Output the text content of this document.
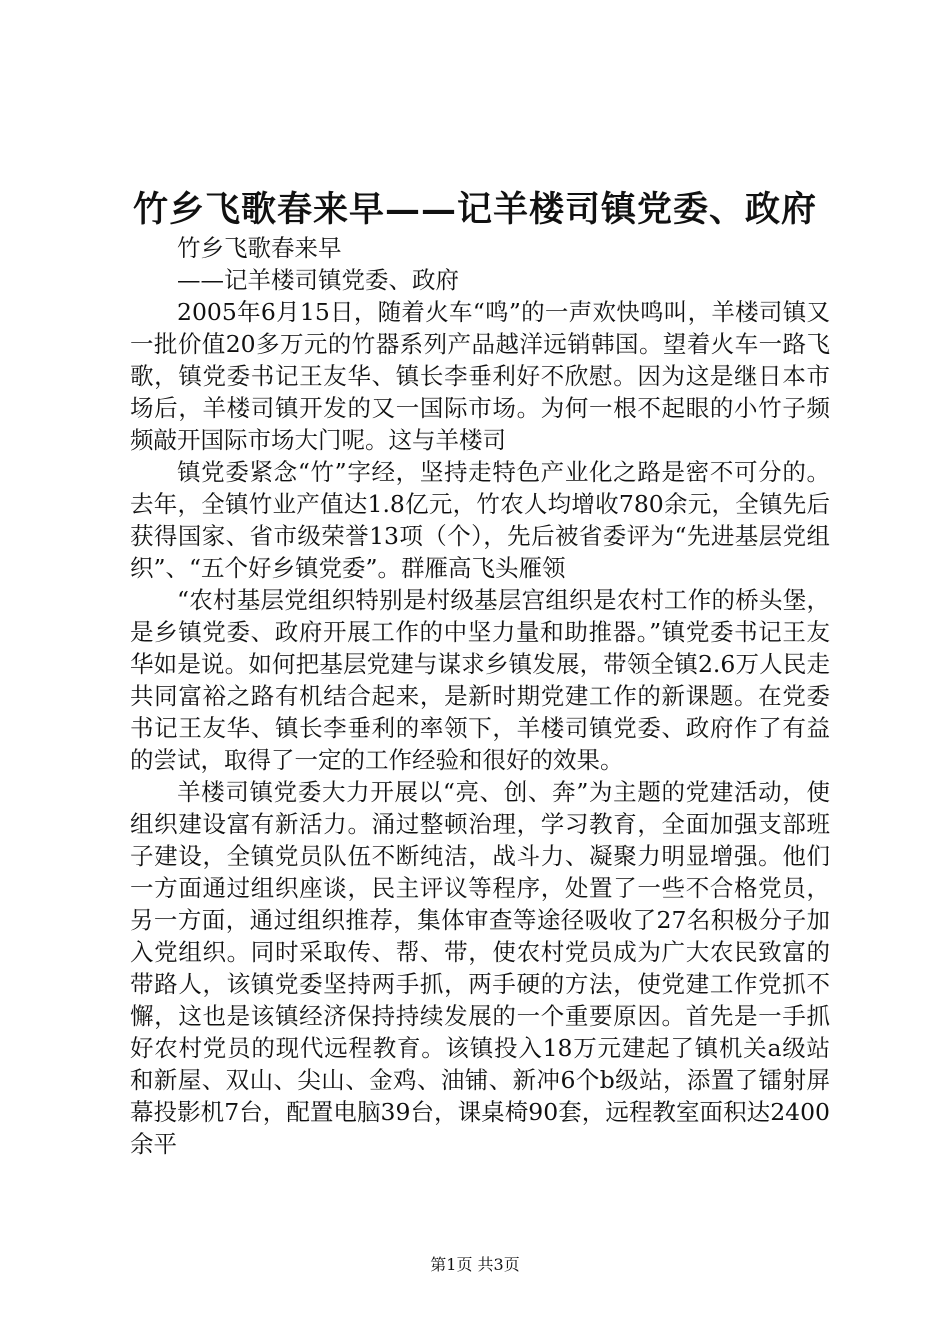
竹乡飞歌春来早——记羊楼司镇党委、政府

竹乡飞歌春来早

——记羊楼司镇党委、政府

2005年6月15日，随着火车“鸣”的一声欢快鸣叫，羊楼司镇又一批价值20多万元的竹器系列产品越洋远销韩国。望着火车一路飞歌，镇党委书记王友华、镇长李垂利好不欣慰。因为这是继日本市场后，羊楼司镇开发的又一国际市场。为何一根不起眼的小竹子频频敲开国际市场大门呢。这与羊楼司

镇党委紧念“竹”字经，坚持走特色产业化之路是密不可分的。去年，全镇竹业产值达1.8亿元，竹农人均增收780余元，全镇先后获得国家、省市级荣誉13项（个），先后被省委评为“先进基层党组织”、“五个好乡镇党委”。群雁高飞头雁领

“农村基层党组织特别是村级基层宫组织是农村工作的桥头堡，是乡镇党委、政府开展工作的中坚力量和助推器。”镇党委书记王友华如是说。如何把基层党建与谋求乡镇发展，带领全镇2.6万人民走共同富裕之路有机结合起来，是新时期党建工作的新课题。在党委书记王友华、镇长李垂利的率领下，羊楼司镇党委、政府作了有益的尝试，取得了一定的工作经验和很好的效果。

羊楼司镇党委大力开展以“亮、创、奔”为主题的党建活动，使组织建设富有新活力。涌过整顿治理，学习教育，全面加强支部班子建设，全镇党员队伍不断纯洁，战斗力、凝聚力明显增强。他们一方面通过组织座谈，民主评议等程序，处置了一些不合格党员，另一方面，通过组织推荐，集体审查等途径吸收了27名积极分子加入党组织。同时采取传、帮、带，使农村党员成为广大农民致富的带路人，该镇党委坚持两手抓，两手硬的方法，使党建工作党抓不懈，这也是该镇经济保持持续发展的一个重要原因。首先是一手抓好农村党员的现代远程教育。该镇投入18万元建起了镇机关a级站和新屋、双山、尖山、金鸡、油铺、新冲6个b级站，添置了镭射屏幕投影机7台，配置电脑39台，课桌椅90套，远程教室面积达2400余平

第1页 共3页
